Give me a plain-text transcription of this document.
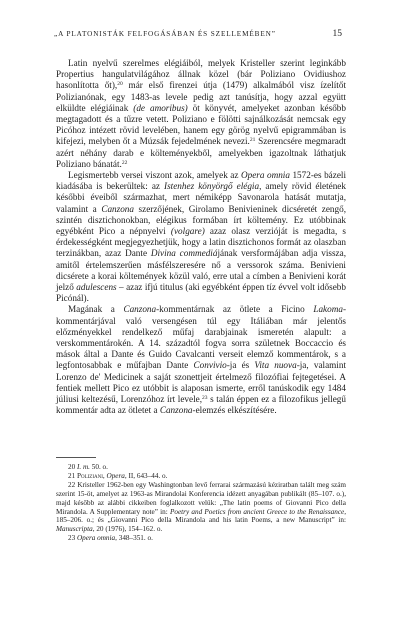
„A PLATONISTÁK FELFOGÁSÁBAN ÉS SZELLEMÉBEN”	15

Latin nyelvű szerelmes elégiáiból, melyek Kristeller szerint leginkább Propertius hangulatvilágához állnak közel (bár Poliziano Ovidiushoz hasonlította őt),$^{20}$ már első firenzei útja (1479) alkalmából visz ízelítőt Polizianónak, egy 1483-as levele pedig azt tanúsítja, hogy azzal együtt elküldte elégiáinak (de amoribus) öt könyvét, amelyeket azonban később megtagadott és a tűzre vetett. Poliziano e fölötti sajnálkozását nemcsak egy Picóhoz intézett rövid levelében, hanem egy görög nyelvű epigrammában is kifejezi, melyben őt a Múzsák fejedelmének nevezi.$^{21}$ Szerencsére megmaradt azért néhány darab e költeményekből, amelyekben igazoltnak láthatjuk Poliziano bánatát.$^{22}$

Legismertebb versei viszont azok, amelyek az Opera omnia 1572-es bázeli kiadásába is bekerültek: az Istenhez könyörgő elégia, amely rövid életének későbbi éveiből származhat, mert némiképp Savonarola hatását mutatja, valamint a Canzona szerzőjének, Girolamo Benivieninek dicséretét zengő, szintén disztichonokban, elégikus formában írt költemény. Ez utóbbinak egyébként Pico a népnyelvi (volgare) azaz olasz verzióját is megadta, s érdekességként megjegyezhetjük, hogy a latin disztichonos formát az olaszban terzinákban, azaz Dante Divina commediájának versformájában adja vissza, amitől értelemszerűen másfélszeresére nő a verssorok száma. Benivieni dicsérete a korai költemények közül való, erre utal a címben a Benivieni korát jelző adulescens – azaz ifjú titulus (aki egyébként éppen tíz évvel volt idősebb Picónál).

Magának a Canzona-kommentárnak az ötlete a Ficino Lakoma-kommentárjával való versengésen túl egy Itáliában már jelentős előzményekkel rendelkező műfaj darabjainak ismeretén alapult: a verskommentárokén. A 14. századtól fogva sorra születnek Boccaccio és mások által a Dante és Guido Cavalcanti verseit elemző kommentárok, s a legfontosabbak e műfajban Dante Convivio-ja és Vita nuova-ja, valamint Lorenzo de' Medicinek a saját szonettjeit értelmező filozófiai fejtegetései. A fentiek mellett Pico ez utóbbit is alaposan ismerte, erről tanúskodik egy 1484 júliusi keltezésű, Lorenzóhoz írt levele,$^{23}$ s talán éppen ez a filozofikus jellegű kommentár adta az ötletet a Canzona-elemzés elkészítésére.

20 I. m. 50. o.

21 Poliziani, Opera, II, 643–44. o.

22 Kristeller 1962-ben egy Washingtonban levő ferrarai származású kéziratban talált meg szám szerint 15-öt, amelyet az 1963-as Mirandolai Konferencia idézett anyagában publikált (85–107. o.), majd később az alábbi cikkeiben foglalkozott velük: „The latin poems of Giovanni Pico della Mirandola. A Supplementary note” in: Poetry and Poetics from ancient Greece to the Renaissance, 185–206. o.; és „Giovanni Pico della Mirandola and his latin Poems, a new Manuscript” in: Manuscripta, 20 (1976), 154–162. o.

23 Opera omnia, 348–351. o.
